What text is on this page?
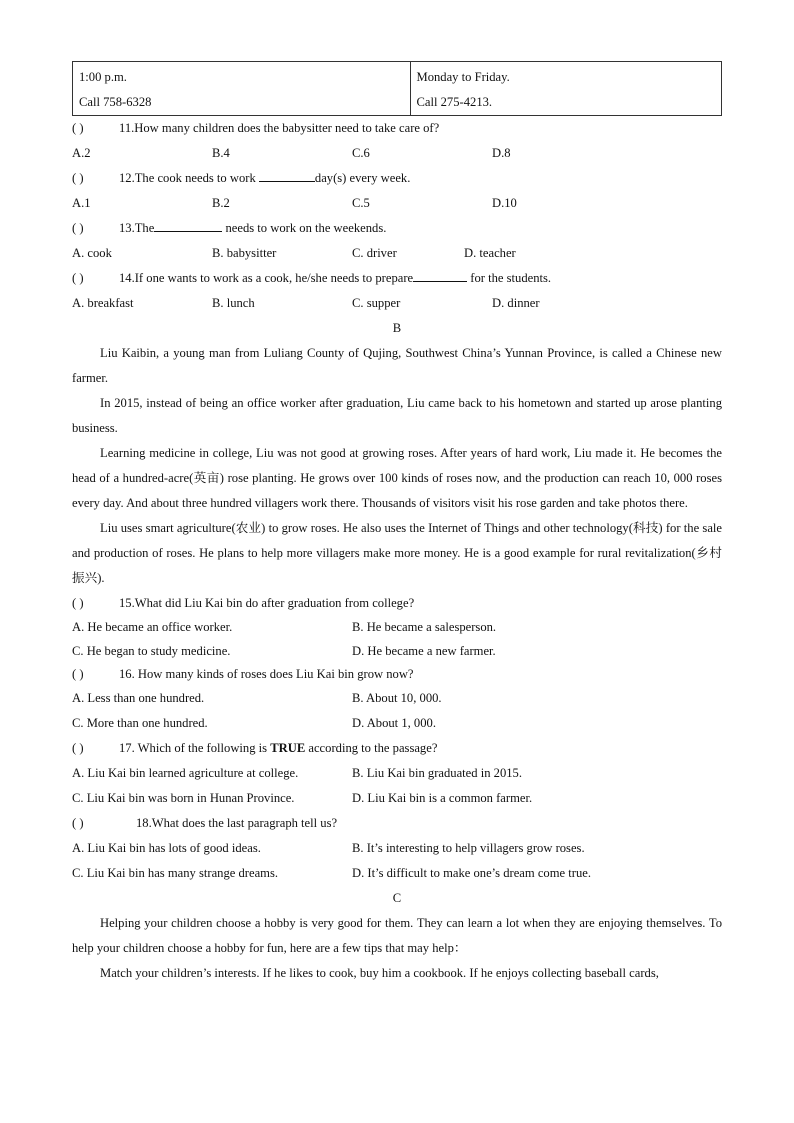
1:00 p.m.
Call 758-6328

Monday to Friday.
Call 275-4213.
( )	11.How many children does the babysitter need to take care of?
A.2	B.4	C.6	D.8
( )	12.The cook needs to work	day(s) every week.
A.1	B.2	C.5	D.10
( )	13.The	needs to work on the weekends.
A. cook	B. babysitter	C. driver	D. teacher
( )	14.If one wants to work as a cook, he/she needs to prepare	for the students.
A. breakfast	B. lunch	C. supper	D. dinner
B

Liu Kaibin, a young man from Luliang County of Qujing, Southwest China’s Yunnan Province, is called a Chinese new farmer.

In 2015, instead of being an office worker after graduation, Liu came back to his hometown and started up arose planting business.

Learning medicine in college, Liu was not good at growing roses. After years of hard work, Liu made it. He becomes the head of a hundred-acre(英亩) rose planting. He grows over 100 kinds of roses now, and the production can reach 10, 000 roses every day. And about three hundred villagers work there. Thousands of visitors visit his rose garden and take photos there.

Liu uses smart agriculture(农业) to grow roses. He also uses the Internet of Things and other technology(科技) for the sale and production of roses. He plans to help more villagers make more money. He is a good example for rural revitalization(乡村振兴).

( )	15.What did Liu Kai bin do after graduation from college?
A. He became an office worker.	B. He became a salesperson.
C. He began to study medicine.	D. He became a new farmer.
( )	16. How many kinds of roses does Liu Kai bin grow now?
A. Less than one hundred.	B. About 10, 000.
C. More than one hundred.	D. About 1, 000.
( )	17. Which of the following is TRUE according to the passage?
A. Liu Kai bin learned agriculture at college.	B. Liu Kai bin graduated in 2015.
C. Liu Kai bin was born in Hunan Province.	D. Liu Kai bin is a common farmer.
( )	18.What does the last paragraph tell us?
A. Liu Kai bin has lots of good ideas.	B. It’s interesting to help villagers grow roses.
C. Liu Kai bin has many strange dreams.	D. It’s difficult to make one’s dream come true.
C

Helping your children choose a hobby is very good for them. They can learn a lot when they are enjoying themselves. To help your children choose a hobby for fun, here are a few tips that may help：

Match your children’s interests. If he likes to cook, buy him a cookbook. If he enjoys collecting baseball cards,
